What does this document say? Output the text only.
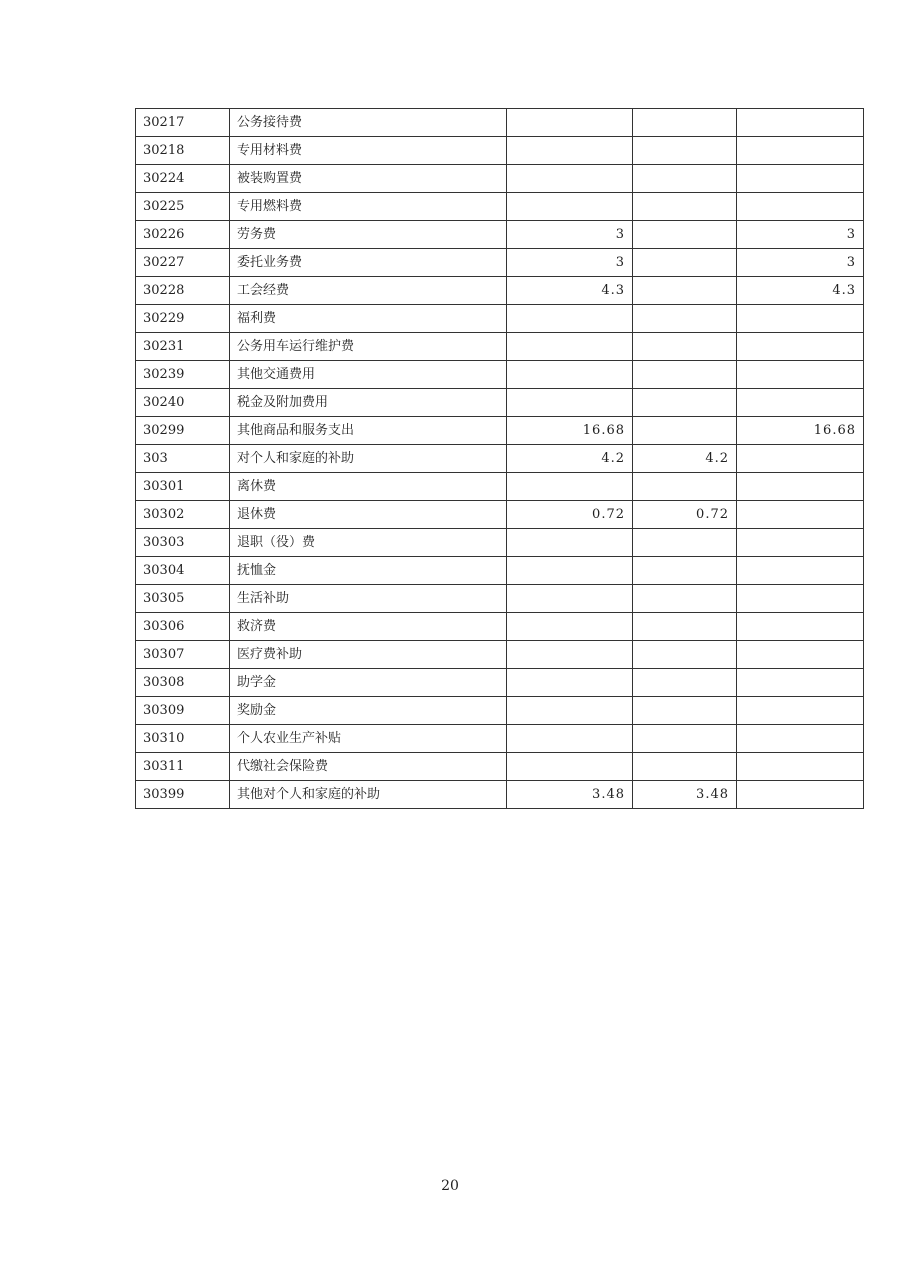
30217	公务接待费			
30218	专用材料费			
30224	被装购置费			
30225	专用燃料费			
30226	劳务费	3		3
30227	委托业务费	3		3
30228	工会经费	4.3		4.3
30229	福利费			
30231	公务用车运行维护费			
30239	其他交通费用			
30240	税金及附加费用			
30299	其他商品和服务支出	16.68		16.68
303	对个人和家庭的补助	4.2	4.2	
30301	离休费			
30302	退休费	0.72	0.72	
30303	退职（役）费			
30304	抚恤金			
30305	生活补助			
30306	救济费			
30307	医疗费补助			
30308	助学金			
30309	奖励金			
30310	个人农业生产补贴			
30311	代缴社会保险费			
30399	其他对个人和家庭的补助	3.48	3.48	
20
